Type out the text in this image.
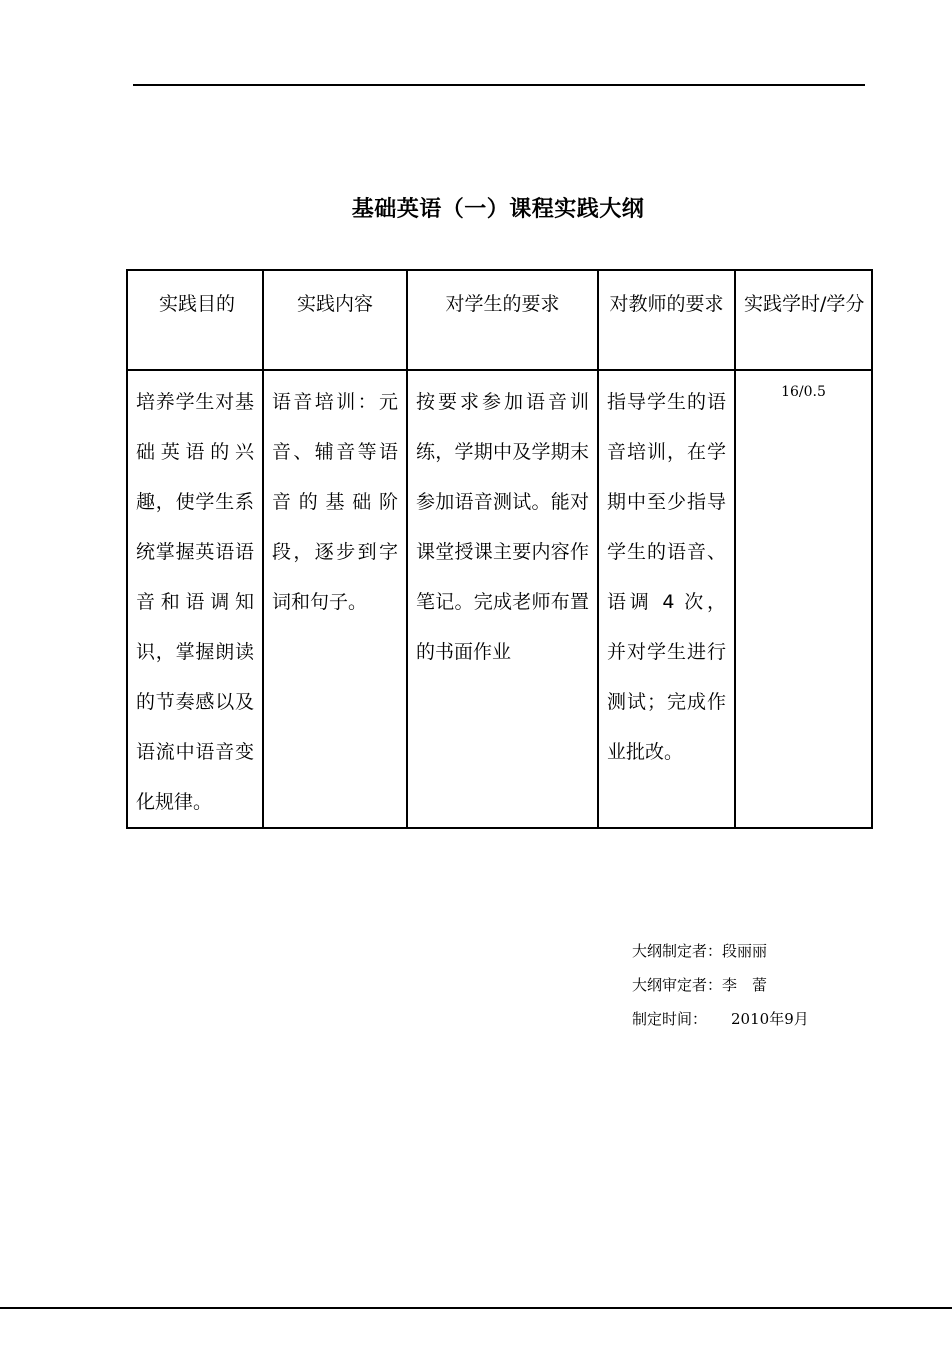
基础英语（一）课程实践大纲
实践目的	实践内容	对学生的要求	对教师的要求	实践学时/学分

培养学生对基础英语的兴趣，使学生系统掌握英语语音和语调知识，掌握朗读的节奏感以及语流中语音变化规律。	语音培训：元音、辅音等语音的基础阶段，逐步到字词和句子。	按要求参加语音训练，学期中及学期末参加语音测试。能对课堂授课主要内容作笔记。完成老师布置的书面作业	指导学生的语音培训，在学期中至少指导学生的语音、语调 4 次，并对学生进行测试；完成作业批改。	16/0.5
大纲制定者：段丽丽
大纲审定者：李　蕾
制定时间： 2010年9月
